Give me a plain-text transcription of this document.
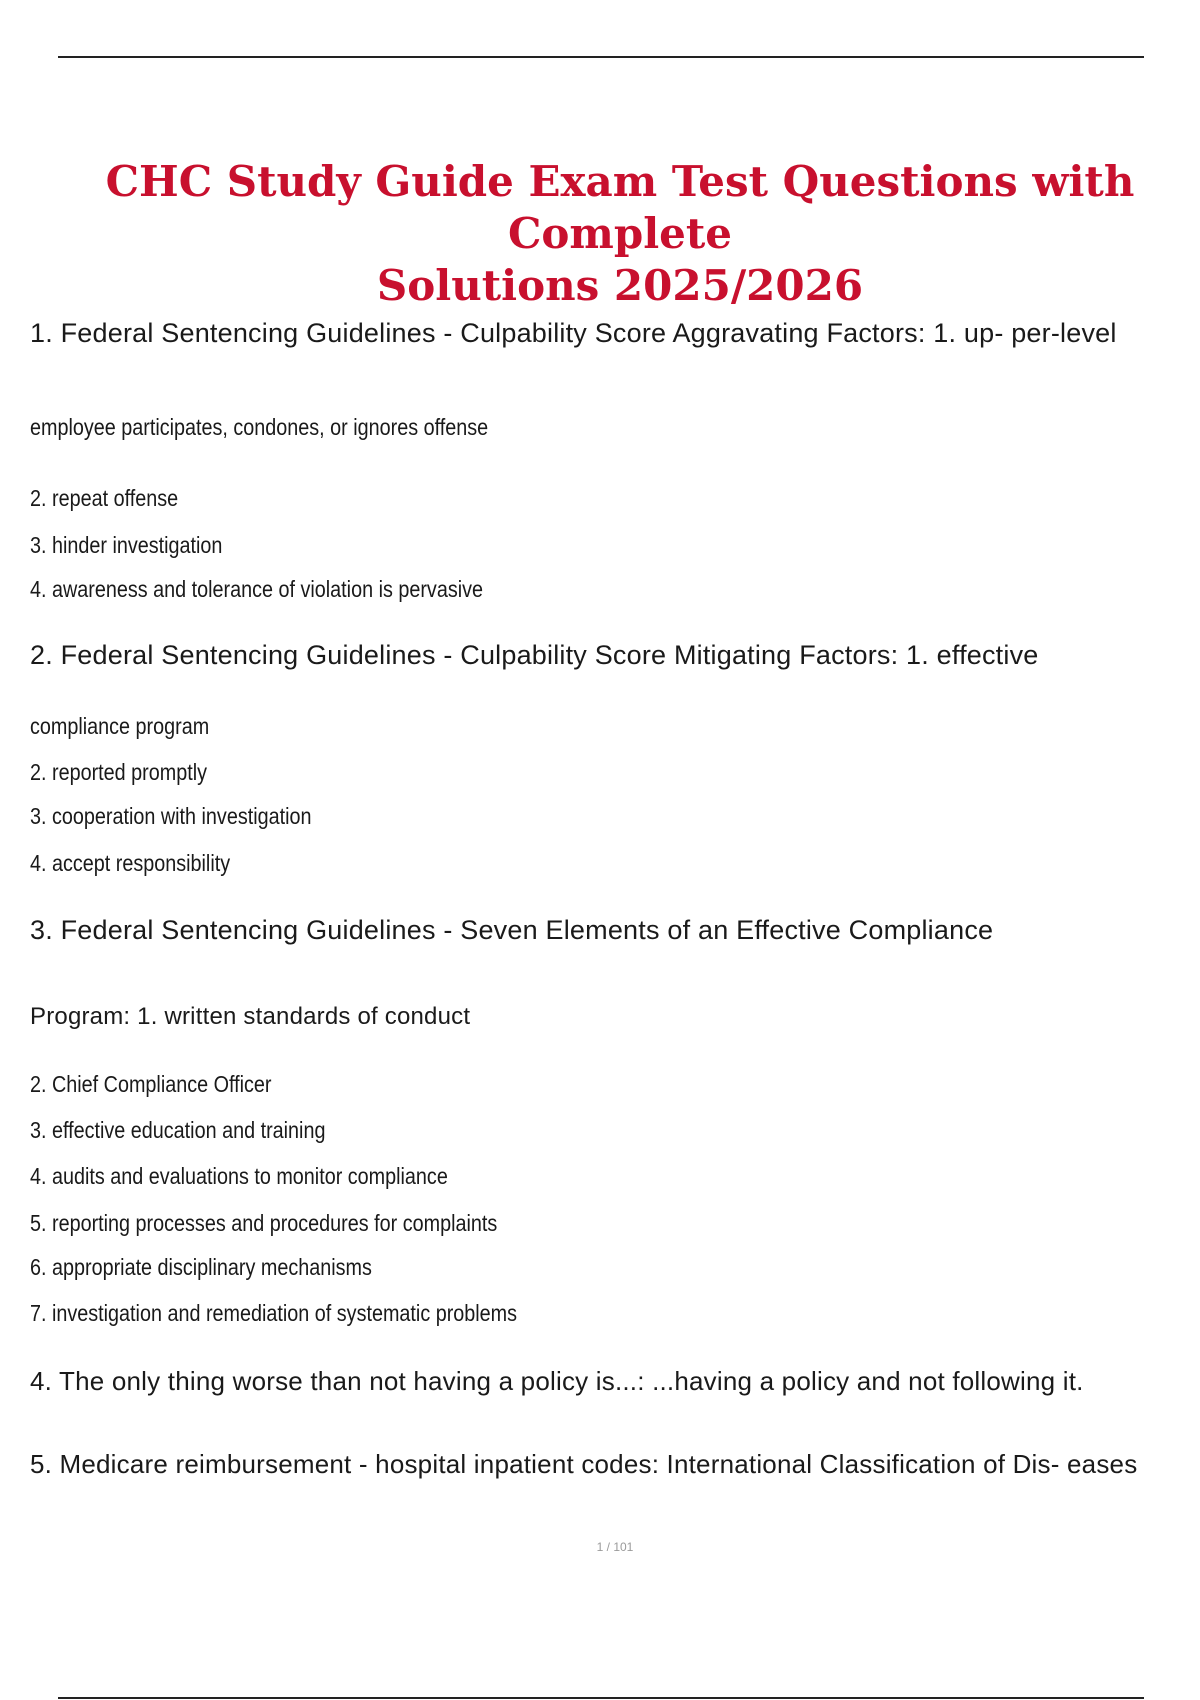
CHC Study Guide Exam Test Questions with Complete
Solutions 2025/2026
1. Federal Sentencing Guidelines - Culpability Score Aggravating Factors: 1. up- per-level
employee participates, condones, or ignores offense
2. repeat offense
3. hinder investigation
4. awareness and tolerance of violation is pervasive
2. Federal Sentencing Guidelines - Culpability Score Mitigating Factors: 1. effective
compliance program
2. reported promptly
3. cooperation with investigation
4. accept responsibility
3. Federal Sentencing Guidelines - Seven Elements of an Effective Compliance
Program: 1. written standards of conduct
2. Chief Compliance Officer
3. effective education and training
4. audits and evaluations to monitor compliance
5. reporting processes and procedures for complaints
6. appropriate disciplinary mechanisms
7. investigation and remediation of systematic problems
4. The only thing worse than not having a policy is...: ...having a policy and not following it.
5. Medicare reimbursement - hospital inpatient codes: International Classification of Dis- eases
1 / 101
